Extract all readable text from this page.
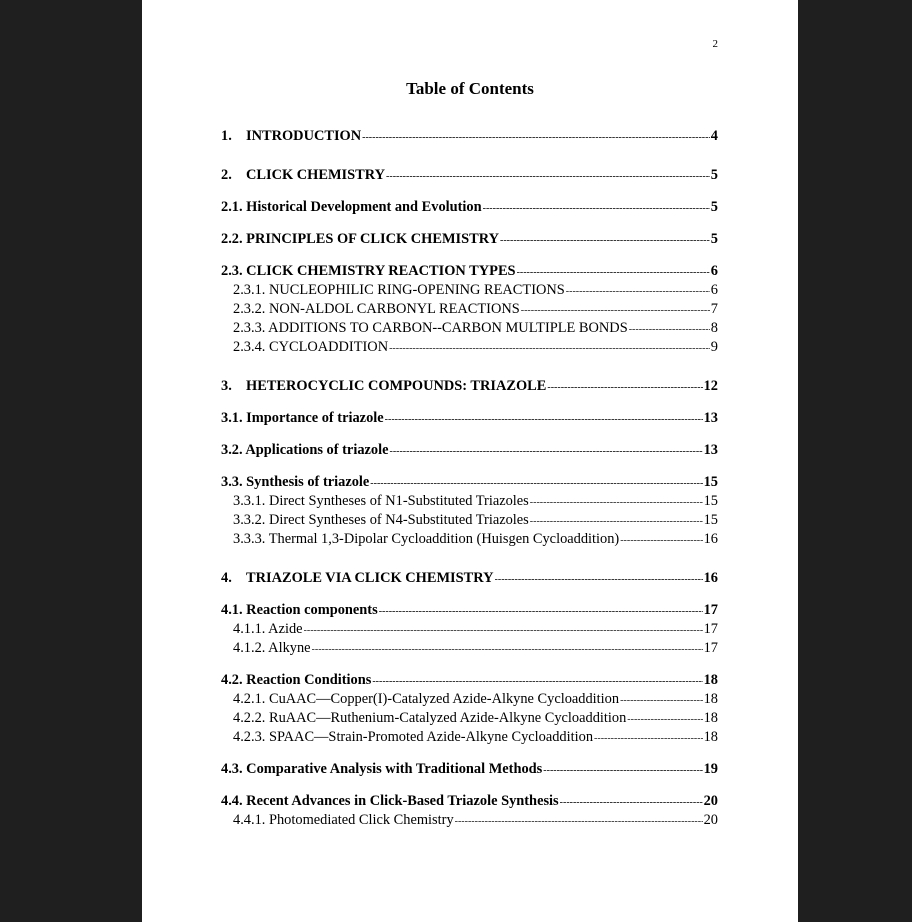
2
Table of Contents
1. INTRODUCTION -----	4
2. CLICK CHEMISTRY -----	5
2.1. Historical Development and Evolution -----	5
2.2. PRINCIPLES OF CLICK CHEMISTRY -----	5
2.3. CLICK CHEMISTRY REACTION TYPES -----	6
2.3.1. NUCLEOPHILIC RING-OPENING REACTIONS -----	6
2.3.2. NON-ALDOL CARBONYL REACTIONS -----	7
2.3.3. ADDITIONS TO CARBON--CARBON MULTIPLE BONDS -----	8
2.3.4. CYCLOADDITION -----	9
3. HETEROCYCLIC COMPOUNDS: TRIAZOLE -----	12
3.1. Importance of triazole -----	13
3.2. Applications of triazole -----	13
3.3. Synthesis of triazole -----	15
3.3.1. Direct Syntheses of N1-Substituted Triazoles -----	15
3.3.2. Direct Syntheses of N4-Substituted Triazoles -----	15
3.3.3. Thermal 1,3-Dipolar Cycloaddition (Huisgen Cycloaddition) -----	16
4. TRIAZOLE VIA CLICK CHEMISTRY -----	16
4.1. Reaction components -----	17
4.1.1. Azide -----	17
4.1.2. Alkyne -----	17
4.2. Reaction Conditions -----	18
4.2.1. CuAAC—Copper(I)-Catalyzed Azide-Alkyne Cycloaddition -----	18
4.2.2. RuAAC—Ruthenium-Catalyzed Azide-Alkyne Cycloaddition -----	18
4.2.3. SPAAC—Strain-Promoted Azide-Alkyne Cycloaddition -----	18
4.3. Comparative Analysis with Traditional Methods -----	19
4.4. Recent Advances in Click-Based Triazole Synthesis -----	20
4.4.1. Photomediated Click Chemistry -----	20
